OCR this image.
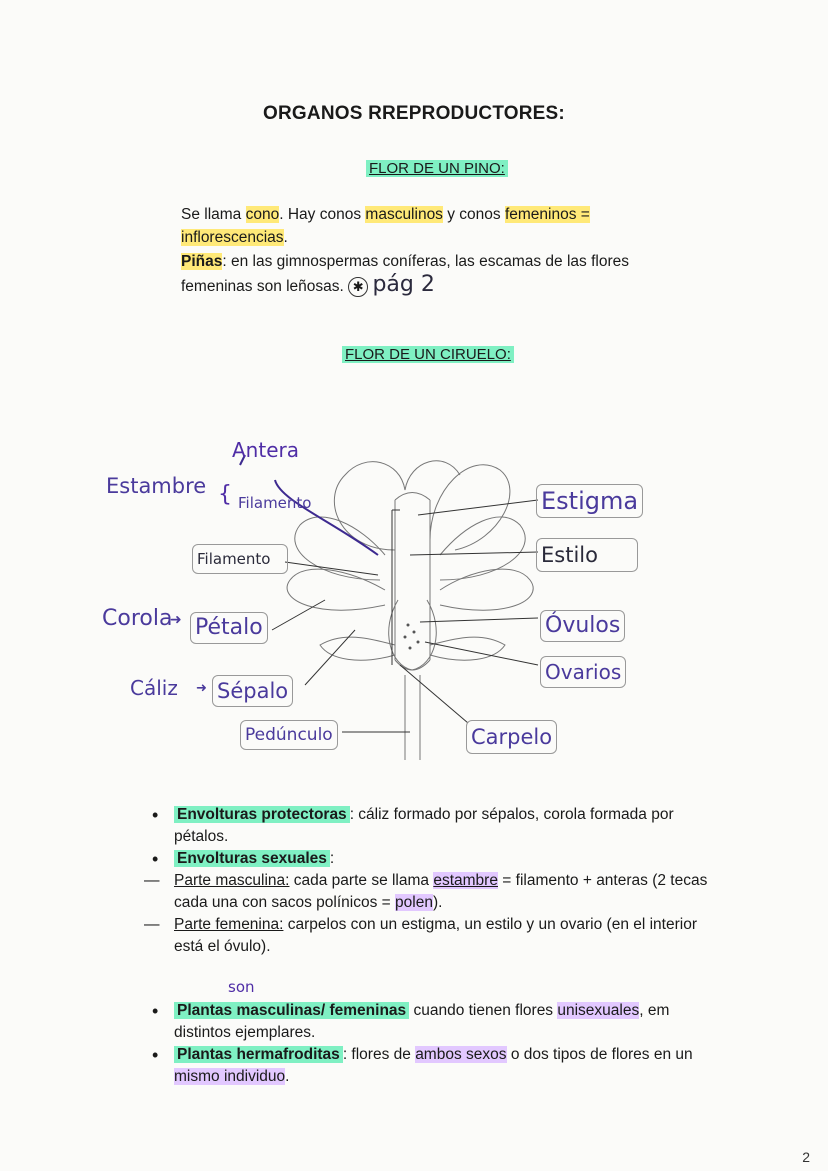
ORGANOS RREPRODUCTORES:
FLOR DE UN PINO:
Se llama cono. Hay conos masculinos y conos femeninos =
inflorescencias.
Piñas: en las gimnospermas coníferas, las escamas de las flores femeninas son leñosas. ✱ pág 2
FLOR DE UN CIRUELO:
Antera
Estambre { Filamento
Filamento
Corola
➜ Pétalo
Cáliz ➜ Sépalo
Pedúnculo
Estigma
Estilo
Óvulos
Ovarios
Carpelo
• Envolturas protectoras : cáliz formado por sépalos, corola formada por pétalos.
• Envolturas sexuales :
— Parte masculina: cada parte se llama estambre = filamento + anteras (2 tecas cada una con sacos polínicos = polen).
— Parte femenina: carpelos con un estigma, un estilo y un ovario (en el interior está el óvulo).
son
• Plantas masculinas/ femeninas cuando tienen flores unisexuales, em distintos ejemplares.
• Plantas hermafroditas : flores de ambos sexos o dos tipos de flores en un mismo individuo.
2
